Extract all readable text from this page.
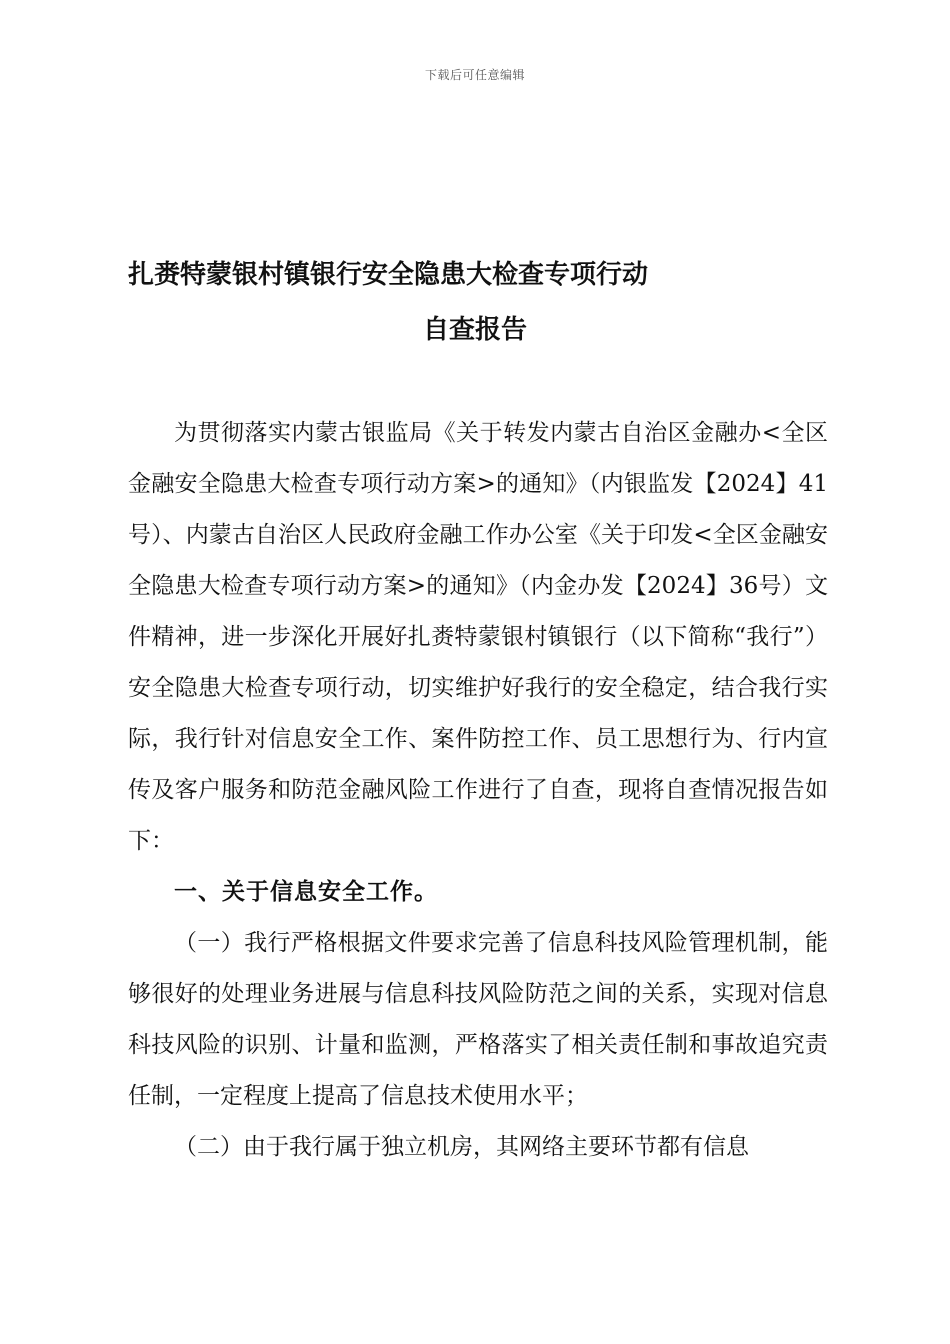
下载后可任意编辑
扎赉特蒙银村镇银行安全隐患大检查专项行动
自查报告

为贯彻落实内蒙古银监局《关于转发内蒙古自治区金融办<全区金融安全隐患大检查专项行动方案>的通知》（内银监发【2024】41号）、内蒙古自治区人民政府金融工作办公室《关于印发<全区金融安全隐患大检查专项行动方案>的通知》（内金办发【2024】36号）文件精神，进一步深化开展好扎赉特蒙银村镇银行（以下简称“我行”）安全隐患大检查专项行动，切实维护好我行的安全稳定，结合我行实际，我行针对信息安全工作、案件防控工作、员工思想行为、行内宣传及客户服务和防范金融风险工作进行了自查，现将自查情况报告如下：

一、关于信息安全工作。

（一）我行严格根据文件要求完善了信息科技风险管理机制，能够很好的处理业务进展与信息科技风险防范之间的关系，实现对信息科技风险的识别、计量和监测，严格落实了相关责任制和事故追究责任制，一定程度上提高了信息技术使用水平；

（二）由于我行属于独立机房，其网络主要环节都有信息
